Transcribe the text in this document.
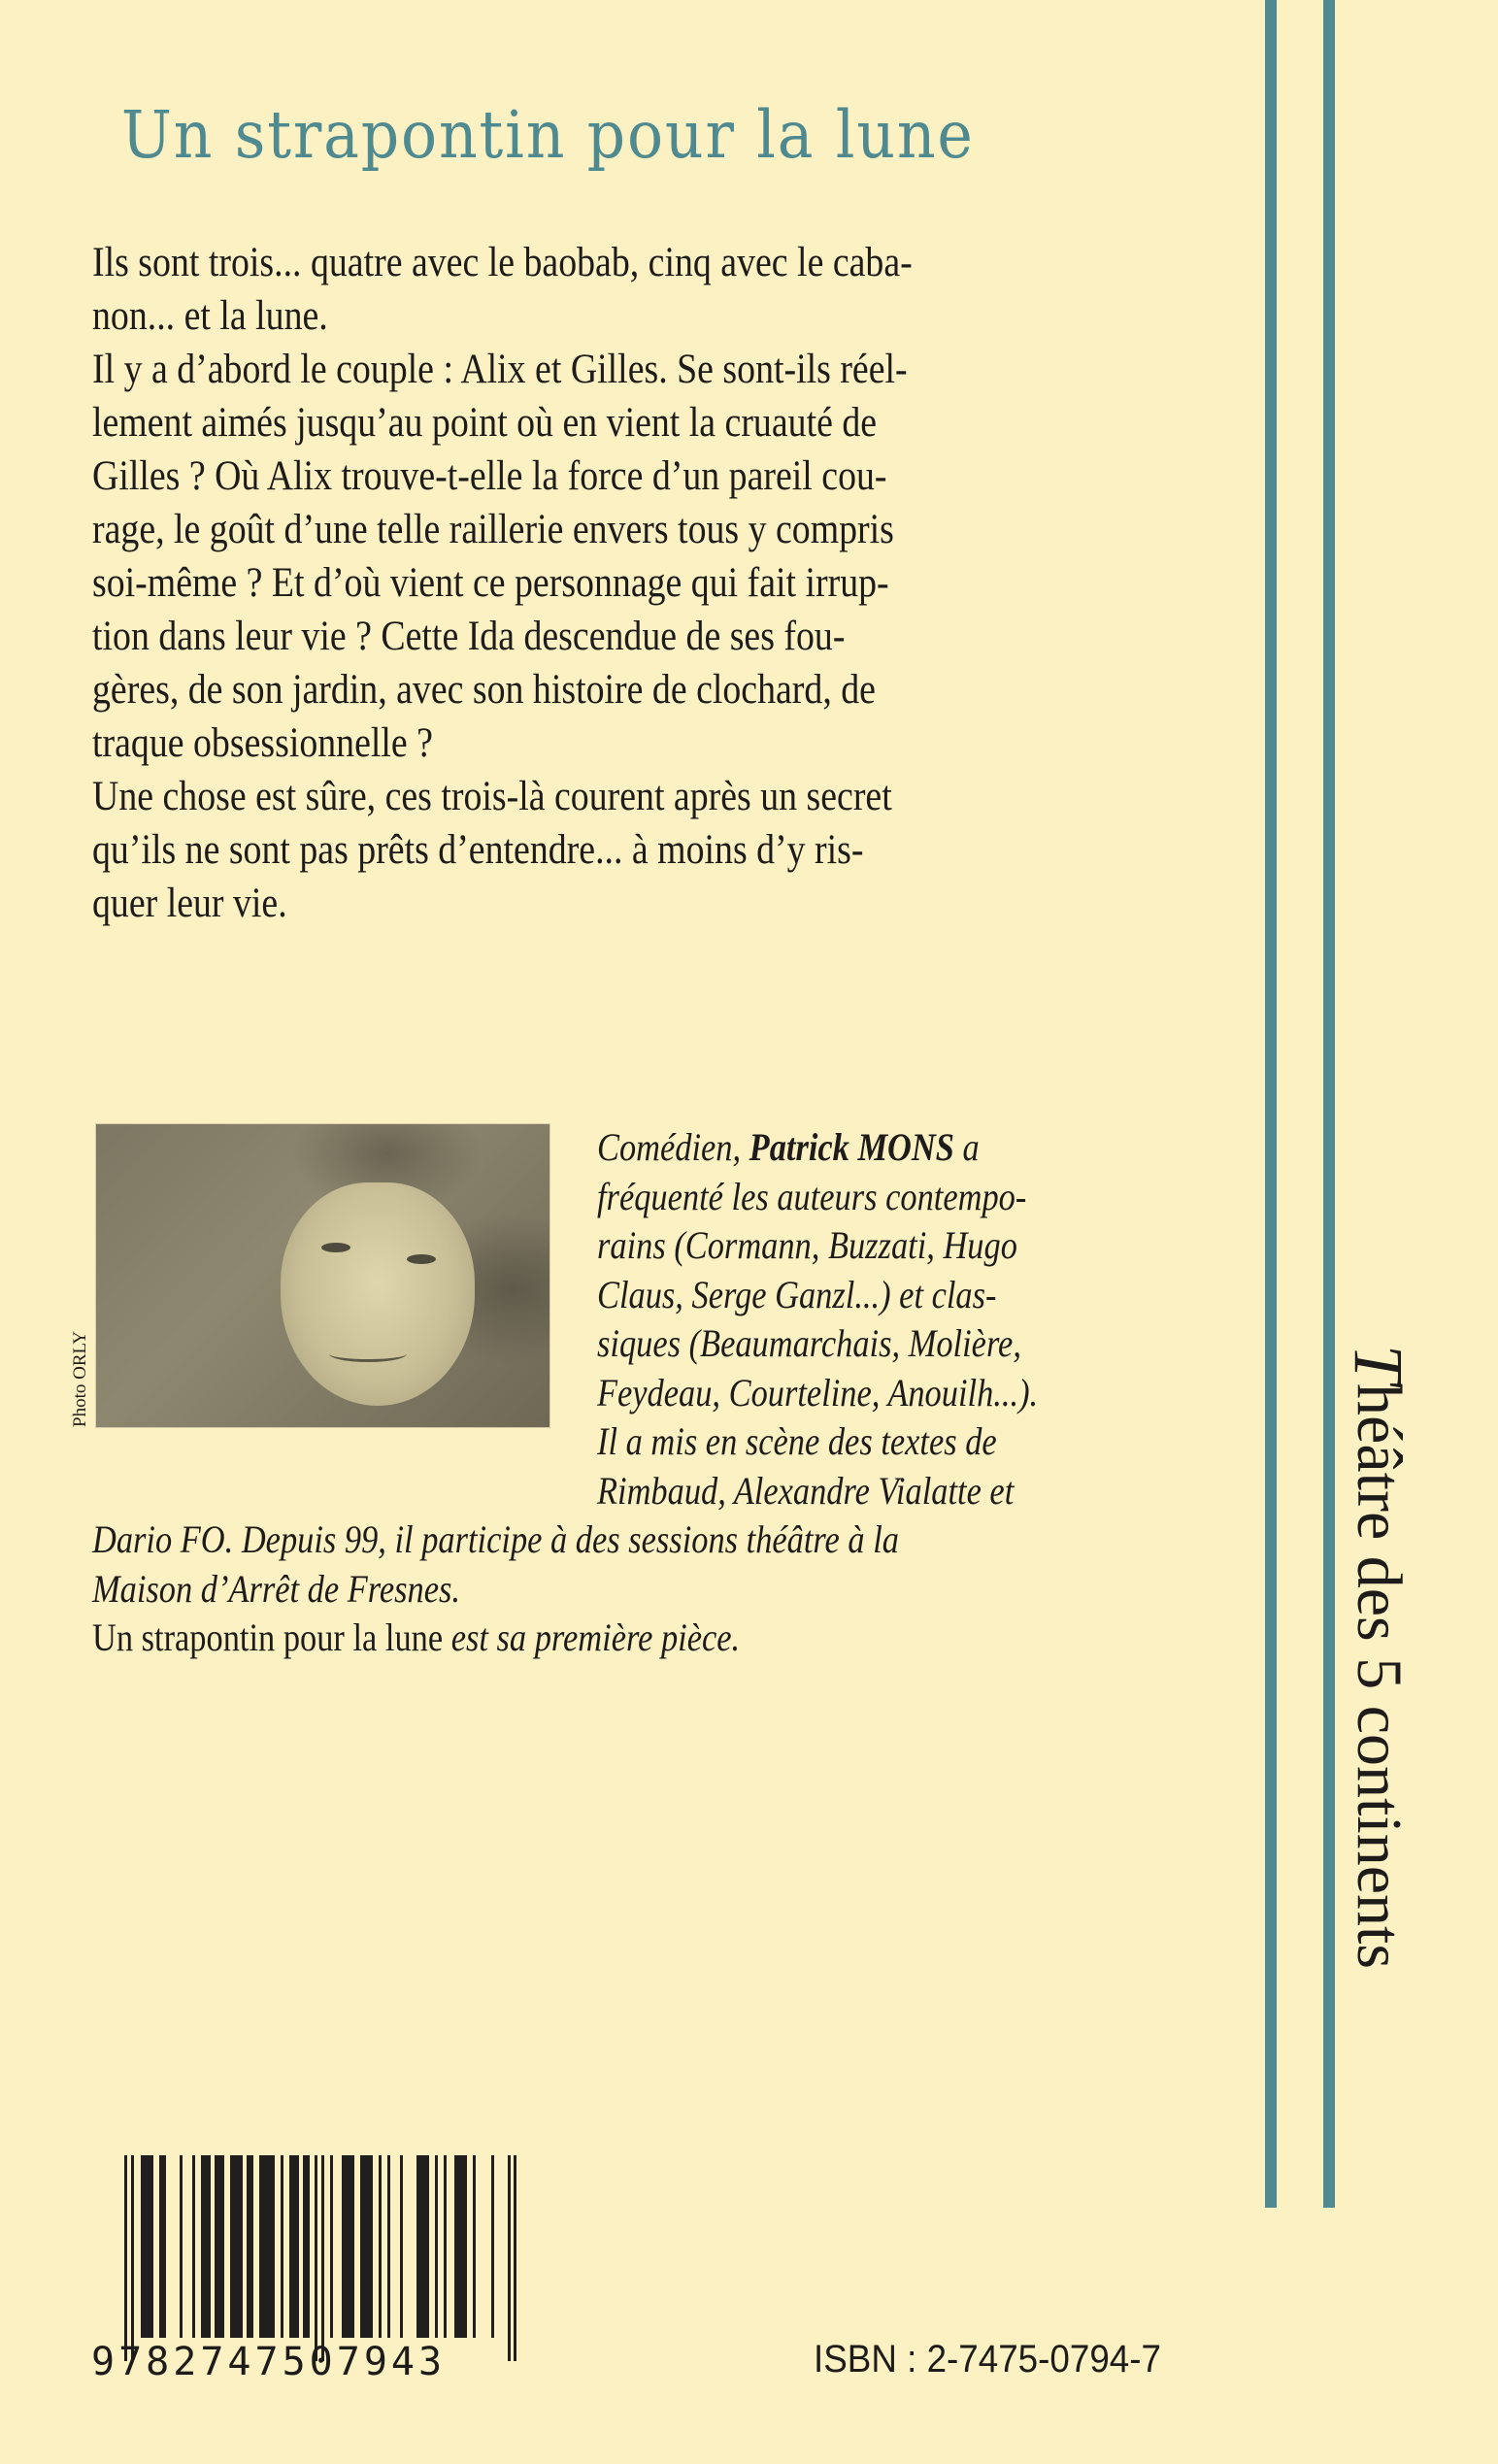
Un strapontin pour la lune
Ils sont trois... quatre avec le baobab, cinq avec le caba-
non... et la lune.
Il y a d’abord le couple : Alix et Gilles. Se sont-ils réel-
lement aimés jusqu’au point où en vient la cruauté de
Gilles ? Où Alix trouve-t-elle la force d’un pareil cou-
rage, le goût d’une telle raillerie envers tous y compris
soi-même ? Et d’où vient ce personnage qui fait irrup-
tion dans leur vie ? Cette Ida descendue de ses fou-
gères, de son jardin, avec son histoire de clochard, de
traque obsessionnelle ?
Une chose est sûre, ces trois-là courent après un secret
qu’ils ne sont pas prêts d’entendre... à moins d’y ris-
quer leur vie.
Photo ORLY
Comédien, Patrick MONS a
fréquenté les auteurs contempo-
rains (Cormann, Buzzati, Hugo
Claus, Serge Ganzl...) et clas-
siques (Beaumarchais, Molière,
Feydeau, Courteline, Anouilh...).
Il a mis en scène des textes de
Rimbaud, Alexandre Vialatte et
Dario FO. Depuis 99, il participe à des sessions théâtre à la
Maison d’Arrêt de Fresnes.
Un strapontin pour la lune est sa première pièce.
Théâtre des 5 continents
9782747507943	ISBN : 2-7475-0794-7
